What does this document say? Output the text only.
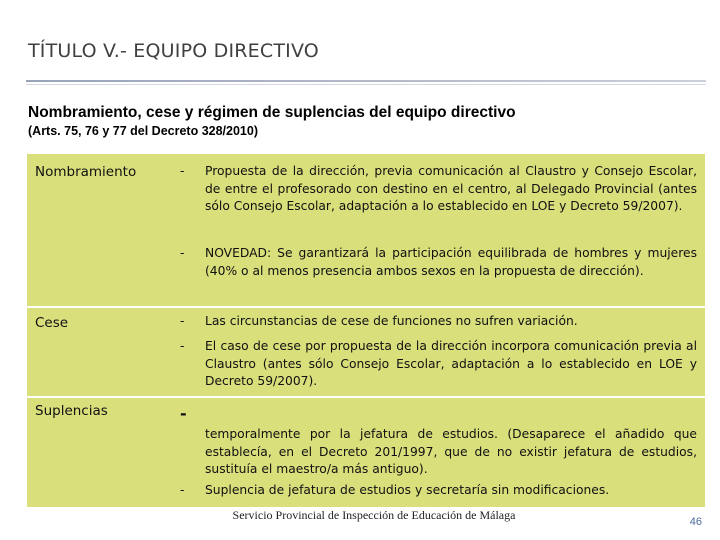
TÍTULO V.- EQUIPO DIRECTIVO
Nombramiento, cese y régimen de suplencias del equipo directivo
(Arts. 75, 76 y 77 del Decreto 328/2010)
Nombramiento	- Propuesta de la dirección, previa comunicación al Claustro y Consejo Escolar, de entre el profesorado con destino en el centro, al Delegado Provincial (antes sólo Consejo Escolar, adaptación a lo establecido en LOE y Decreto 59/2007).
- NOVEDAD: Se garantizará la participación equilibrada de hombres y mujeres (40% o al menos presencia ambos sexos en la propuesta de dirección).
Cese	- Las circunstancias de cese de funciones no sufren variación.
- El caso de cese por propuesta de la dirección incorpora comunicación previa al Claustro (antes sólo Consejo Escolar, adaptación a lo establecido en LOE y Decreto 59/2007).
Suplencias	-
temporalmente por la jefatura de estudios. (Desaparece el añadido que establecía, en el Decreto 201/1997, que de no existir jefatura de estudios, sustituía el maestro/a más antiguo).
- Suplencia de jefatura de estudios y secretaría sin modificaciones.
Servicio Provincial de Inspección de Educación de Málaga	46
